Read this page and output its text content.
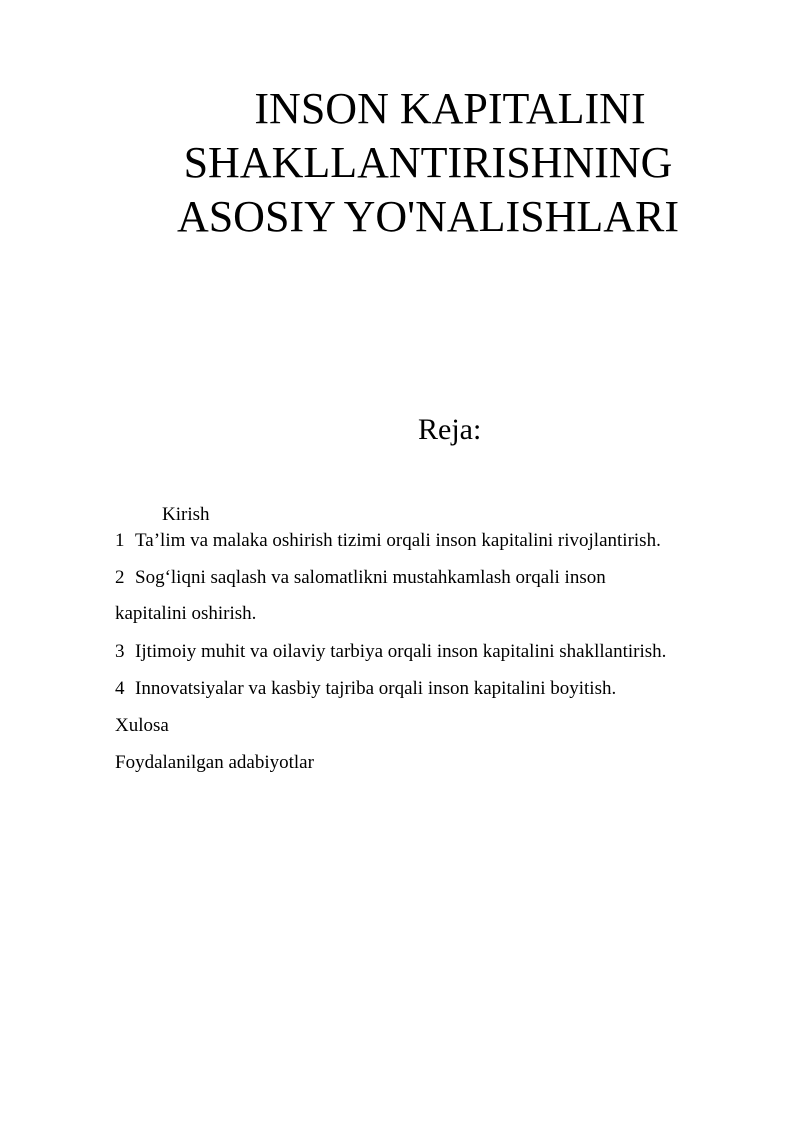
INSON KAPITALINI
SHAKLLANTIRISHNING
ASOSIY YO'NALISHLARI
Reja:
Kirish
1 Ta’lim va malaka oshirish tizimi orqali inson kapitalini rivojlantirish.
2 Sog‘liqni saqlash va salomatlikni mustahkamlash orqali inson
kapitalini oshirish.
3 Ijtimoiy muhit va oilaviy tarbiya orqali inson kapitalini shakllantirish.
4 Innovatsiyalar va kasbiy tajriba orqali inson kapitalini boyitish.
Xulosa
Foydalanilgan adabiyotlar
